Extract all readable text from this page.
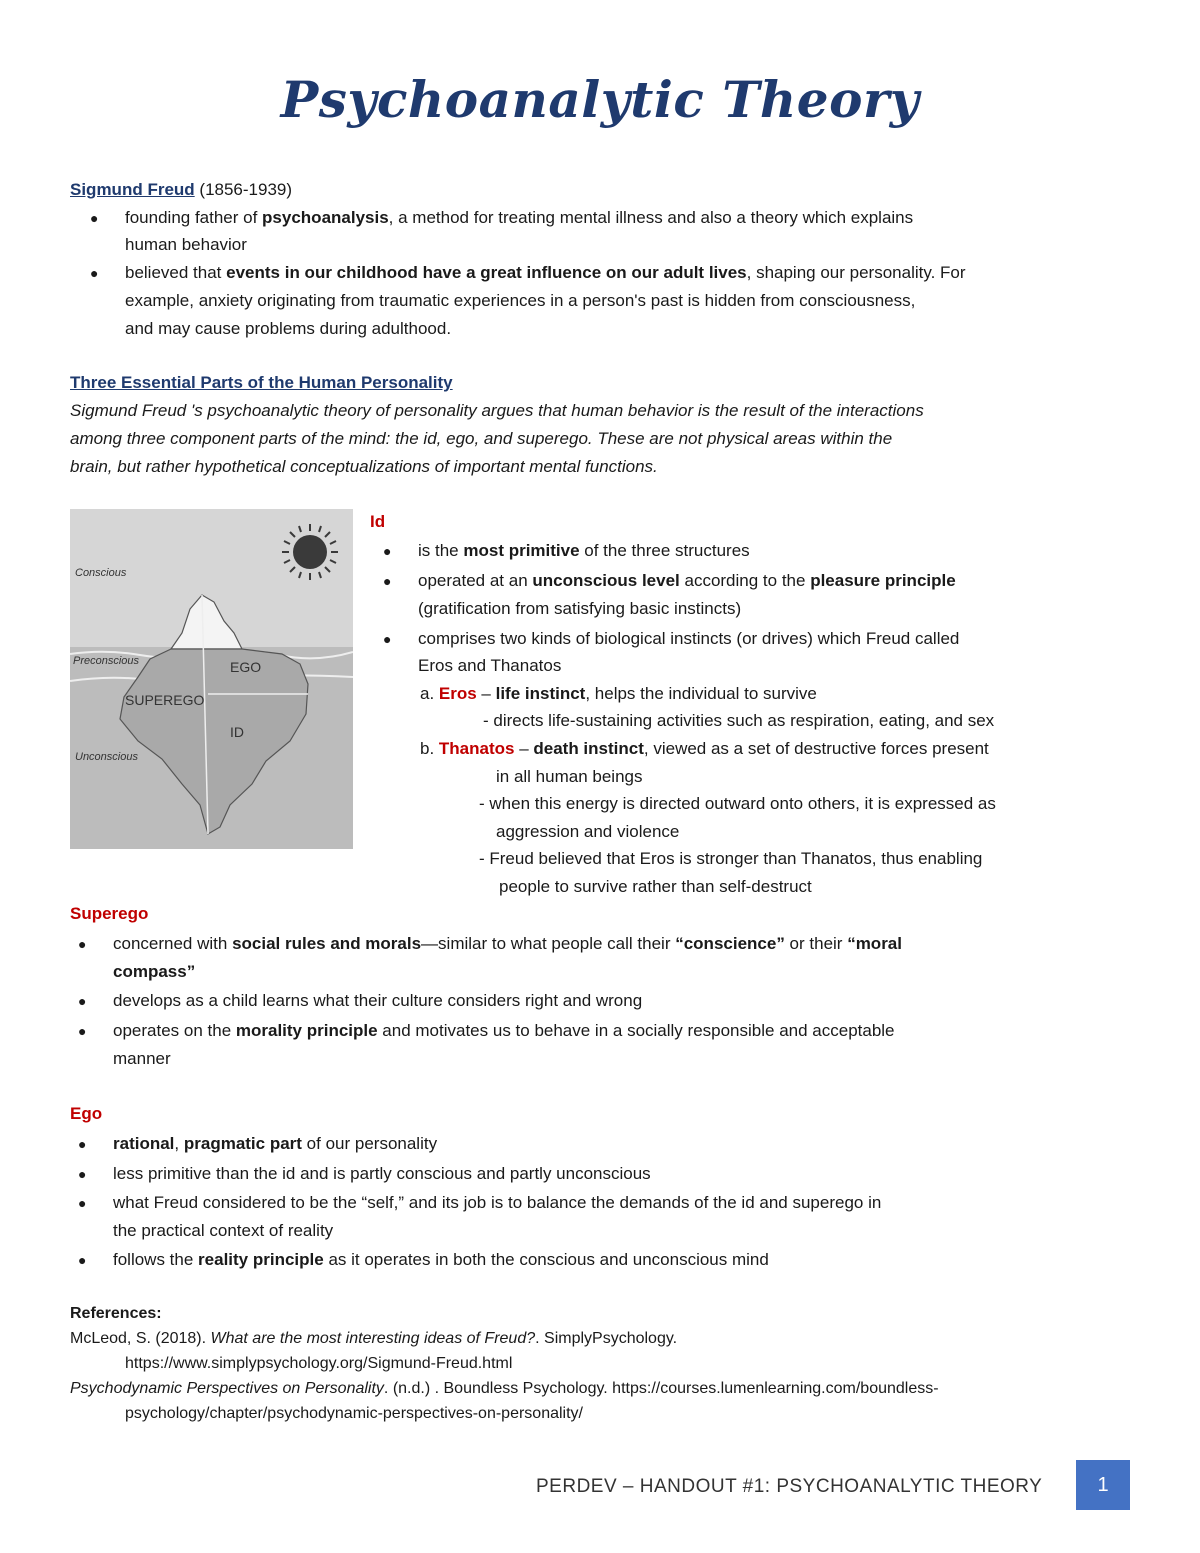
Psychoanalytic Theory
Sigmund Freud (1856-1939)
● founding father of psychoanalysis, a method for treating mental illness and also a theory which explains
human behavior
● believed that events in our childhood have a great influence on our adult lives, shaping our personality. For
example, anxiety originating from traumatic experiences in a person's past is hidden from consciousness,
and may cause problems during adulthood.
Three Essential Parts of the Human Personality
Sigmund Freud 's psychoanalytic theory of personality argues that human behavior is the result of the interactions
among three component parts of the mind: the id, ego, and superego. These are not physical areas within the
brain, but rather hypothetical conceptualizations of important mental functions.
Conscious
Preconscious
Unconscious
EGO
SUPEREGO
ID
Id
● is the most primitive of the three structures
● operated at an unconscious level according to the pleasure principle
(gratification from satisfying basic instincts)
● comprises two kinds of biological instincts (or drives) which Freud called
Eros and Thanatos
a. Eros – life instinct, helps the individual to survive
- directs life-sustaining activities such as respiration, eating, and sex
b. Thanatos – death instinct, viewed as a set of destructive forces present
in all human beings
- when this energy is directed outward onto others, it is expressed as
aggression and violence
- Freud believed that Eros is stronger than Thanatos, thus enabling
people to survive rather than self-destruct
Superego
● concerned with social rules and morals—similar to what people call their “conscience” or their “moral
compass”
● develops as a child learns what their culture considers right and wrong
● operates on the morality principle and motivates us to behave in a socially responsible and acceptable
manner
Ego
● rational, pragmatic part of our personality
● less primitive than the id and is partly conscious and partly unconscious
● what Freud considered to be the “self,” and its job is to balance the demands of the id and superego in
the practical context of reality
● follows the reality principle as it operates in both the conscious and unconscious mind
References:
McLeod, S. (2018). What are the most interesting ideas of Freud?. SimplyPsychology.
https://www.simplypsychology.org/Sigmund-Freud.html
Psychodynamic Perspectives on Personality. (n.d.) . Boundless Psychology. https://courses.lumenlearning.com/boundless-
psychology/chapter/psychodynamic-perspectives-on-personality/
PERDEV – HANDOUT #1: PSYCHOANALYTIC THEORY	1
